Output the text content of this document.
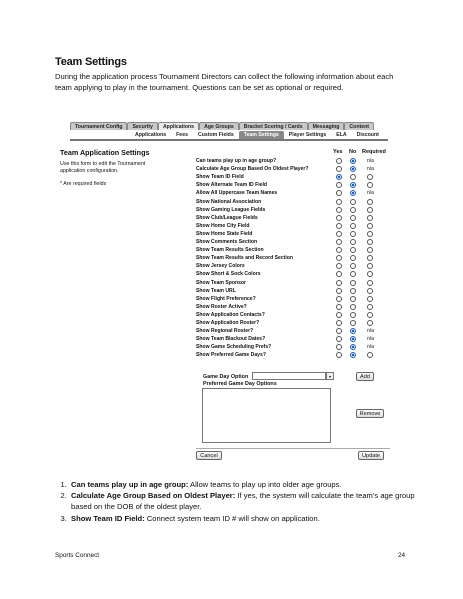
Team Settings
During the application process Tournament Directors can collect the following information about each team applying to play in the tournament. Questions can be set as optional or required.
Tournament Config	Security	Applications	Age Groups	Bracket Scoring / Cards	Messaging	Content
Applications	Fees	Custom Fields	Team Settings	Player Settings	ELA	Discount
Team Application Settings
Use this form to edit the Tournament application configuration.
* Are required fields
Yes No Required
Can teams play up in age group?	n/a
Calculate Age Group Based On Oldest Player?	n/a
Show Team ID Field
Show Alternate Team ID Field
Allow All Uppercase Team Names	n/a
Show National Association
Show Gaming League Fields
Show Club/League Fields
Show Home City Field
Show Home State Field
Show Comments Section
Show Team Results Section
Show Team Results and Record Section
Show Jersey Colors
Show Short & Sock Colors
Show Team Sponsor
Show Team URL
Show Flight Preference?
Show Roster Active?
Show Application Contacts?
Show Application Roster?
Show Regional Roster?	n/a
Show Team Blackout Dates?	n/a
Show Game Scheduling Prefs?	n/a
Show Preferred Game Days?
Game Day Option	▾	Add
Preferred Game Day Options
Remove
Cancel	Update
1. Can teams play up in age group: Allow teams to play up into older age groups.
2. Calculate Age Group Based on Oldest Player: If yes, the system will calculate the team’s age group based on the DOB of the oldest player.
3. Show Team ID Field: Connect system team ID # will show on application.
Sports Connect	24
